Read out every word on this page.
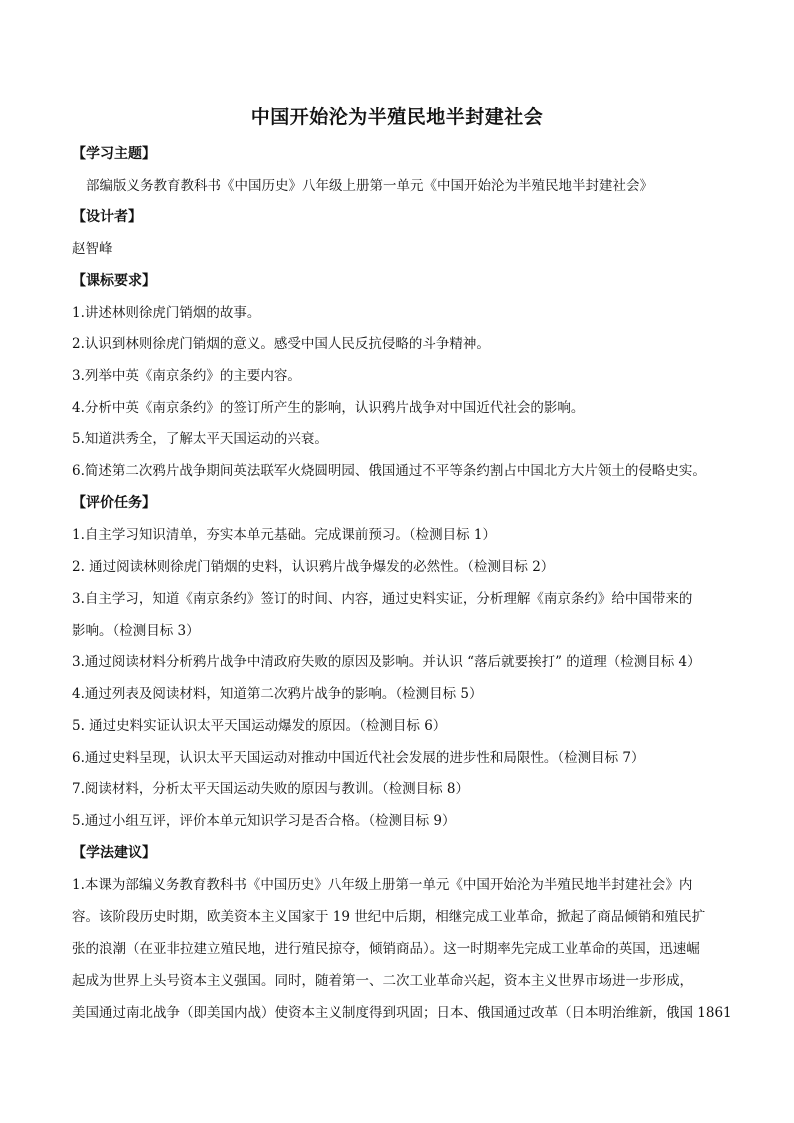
中国开始沦为半殖民地半封建社会
【学习主题】
部编版义务教育教科书《中国历史》八年级上册第一单元《中国开始沦为半殖民地半封建社会》
【设计者】
赵智峰
【课标要求】
1.讲述林则徐虎门销烟的故事。
2.认识到林则徐虎门销烟的意义。感受中国人民反抗侵略的斗争精神。
3.列举中英《南京条约》的主要内容。
4.分析中英《南京条约》的签订所产生的影响，认识鸦片战争对中国近代社会的影响。
5.知道洪秀全，了解太平天国运动的兴衰。
6.简述第二次鸦片战争期间英法联军火烧圆明园、俄国通过不平等条约割占中国北方大片领土的侵略史实。
【评价任务】
1.自主学习知识清单，夯实本单元基础。完成课前预习。（检测目标 1）
2. 通过阅读林则徐虎门销烟的史料，认识鸦片战争爆发的必然性。（检测目标 2）
3.自主学习，知道《南京条约》签订的时间、内容，通过史料实证，分析理解《南京条约》给中国带来的
影响。（检测目标 3）
3.通过阅读材料分析鸦片战争中清政府失败的原因及影响。并认识 “落后就要挨打” 的道理（检测目标 4）
4.通过列表及阅读材料，知道第二次鸦片战争的影响。（检测目标 5）
5. 通过史料实证认识太平天国运动爆发的原因。（检测目标 6）
6.通过史料呈现，认识太平天国运动对推动中国近代社会发展的进步性和局限性。（检测目标 7）
7.阅读材料，分析太平天国运动失败的原因与教训。（检测目标 8）
5.通过小组互评，评价本单元知识学习是否合格。（检测目标 9）
【学法建议】
1.本课为部编义务教育教科书《中国历史》八年级上册第一单元《中国开始沦为半殖民地半封建社会》内
容。该阶段历史时期，欧美资本主义国家于 19 世纪中后期，相继完成工业革命，掀起了商品倾销和殖民扩
张的浪潮（在亚非拉建立殖民地，进行殖民掠夺，倾销商品）。这一时期率先完成工业革命的英国，迅速崛
起成为世界上头号资本主义强国。同时，随着第一、二次工业革命兴起，资本主义世界市场进一步形成，
美国通过南北战争（即美国内战）使资本主义制度得到巩固；日本、俄国通过改革（日本明治维新，俄国 1861
